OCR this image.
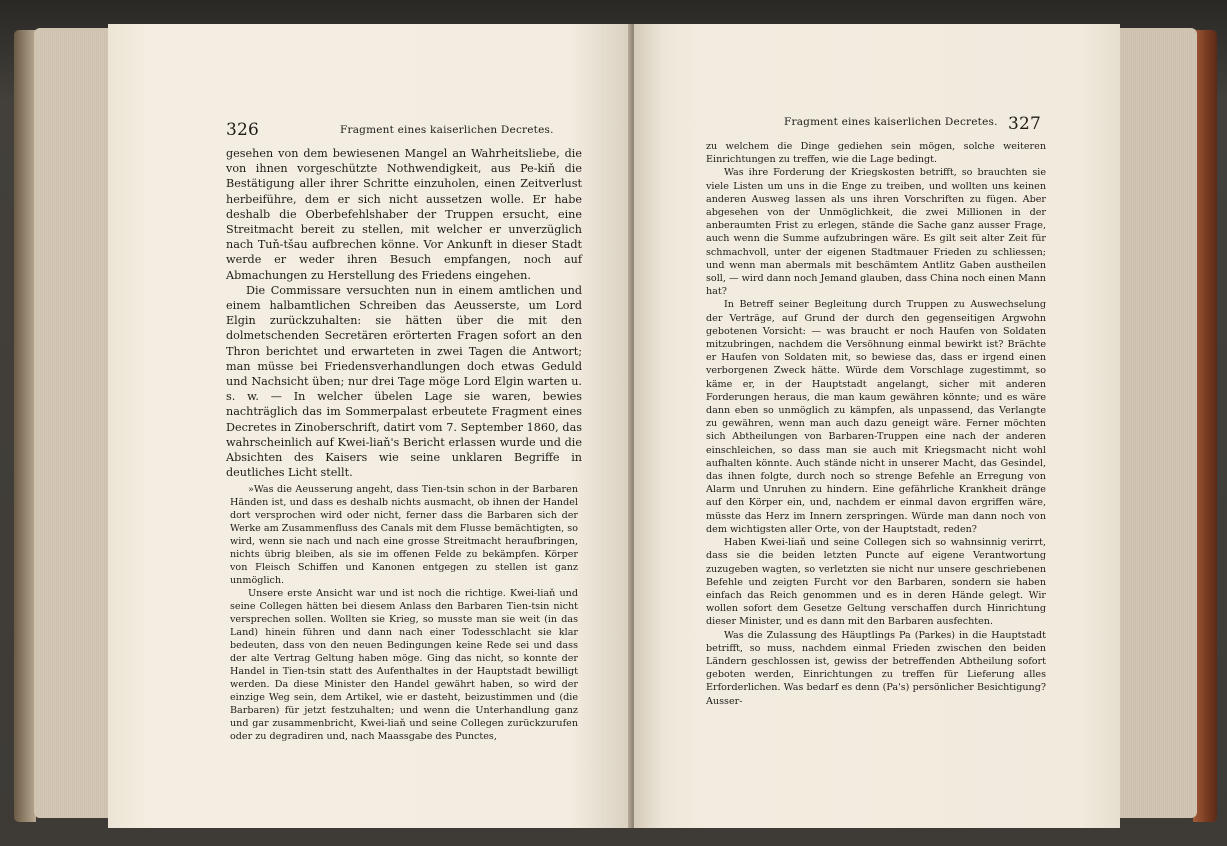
326	Fragment eines kaiserlichen Decretes.

gesehen von dem bewiesenen Mangel an Wahrheitsliebe, die von ihnen vorgeschützte Nothwendigkeit, aus Pe-kiň die Bestätigung aller ihrer Schritte einzuholen, einen Zeitverlust herbeiführe, dem er sich nicht aussetzen wolle. Er habe deshalb die Oberbefehlshaber der Truppen ersucht, eine Streitmacht bereit zu stellen, mit welcher er unverzüglich nach Tuň-tšau aufbrechen könne. Vor Ankunft in dieser Stadt werde er weder ihren Besuch empfangen, noch auf Abmachungen zu Herstellung des Friedens eingehen.

Die Commissare versuchten nun in einem amtlichen und einem halbamtlichen Schreiben das Aeusserste, um Lord Elgin zurückzuhalten: sie hätten über die mit den dolmetschenden Secretären erörterten Fragen sofort an den Thron berichtet und erwarteten in zwei Tagen die Antwort; man müsse bei Friedensverhandlungen doch etwas Geduld und Nachsicht üben; nur drei Tage möge Lord Elgin warten u. s. w. — In welcher übelen Lage sie waren, bewies nachträglich das im Sommerpalast erbeutete Fragment eines Decretes in Zinoberschrift, datirt vom 7. September 1860, das wahrscheinlich auf Kwei-liaň's Bericht erlassen wurde und die Absichten des Kaisers wie seine unklaren Begriffe in deutliches Licht stellt.

»Was die Aeusserung angeht, dass Tien-tsin schon in der Barbaren Händen ist, und dass es deshalb nichts ausmacht, ob ihnen der Handel dort versprochen wird oder nicht, ferner dass die Barbaren sich der Werke am Zusammenfluss des Canals mit dem Flusse bemächtigten, so wird, wenn sie nach und nach eine grosse Streitmacht heraufbringen, nichts übrig bleiben, als sie im offenen Felde zu bekämpfen. Körper von Fleisch Schiffen und Kanonen entgegen zu stellen ist ganz unmöglich.

Unsere erste Ansicht war und ist noch die richtige. Kwei-liaň und seine Collegen hätten bei diesem Anlass den Barbaren Tien-tsin nicht versprechen sollen. Wollten sie Krieg, so musste man sie weit (in das Land) hinein führen und dann nach einer Todesschlacht sie klar bedeuten, dass von den neuen Bedingungen keine Rede sei und dass der alte Vertrag Geltung haben möge. Ging das nicht, so konnte der Handel in Tien-tsin statt des Aufenthaltes in der Hauptstadt bewilligt werden. Da diese Minister den Handel gewährt haben, so wird der einzige Weg sein, dem Artikel, wie er dasteht, beizustimmen und (die Barbaren) für jetzt festzuhalten; und wenn die Unterhandlung ganz und gar zusammenbricht, Kwei-liaň und seine Collegen zurückzurufen oder zu degradiren und, nach Maassgabe des Punctes,

Fragment eines kaiserlichen Decretes. 327

zu welchem die Dinge gediehen sein mögen, solche weiteren Einrichtungen zu treffen, wie die Lage bedingt.

Was ihre Forderung der Kriegskosten betrifft, so brauchten sie viele Listen um uns in die Enge zu treiben, und wollten uns keinen anderen Ausweg lassen als uns ihren Vorschriften zu fügen. Aber abgesehen von der Unmöglichkeit, die zwei Millionen in der anberaumten Frist zu erlegen, stände die Sache ganz ausser Frage, auch wenn die Summe aufzubringen wäre. Es gilt seit alter Zeit für schmachvoll, unter der eigenen Stadtmauer Frieden zu schliessen; und wenn man abermals mit beschämtem Antlitz Gaben austheilen soll, — wird dann noch Jemand glauben, dass China noch einen Mann hat?

In Betreff seiner Begleitung durch Truppen zu Auswechselung der Verträge, auf Grund der durch den gegenseitigen Argwohn gebotenen Vorsicht: — was braucht er noch Haufen von Soldaten mitzubringen, nachdem die Versöhnung einmal bewirkt ist? Brächte er Haufen von Soldaten mit, so bewiese das, dass er irgend einen verborgenen Zweck hätte. Würde dem Vorschlage zugestimmt, so käme er, in der Hauptstadt angelangt, sicher mit anderen Forderungen heraus, die man kaum gewähren könnte; und es wäre dann eben so unmöglich zu kämpfen, als unpassend, das Verlangte zu gewähren, wenn man auch dazu geneigt wäre. Ferner möchten sich Abtheilungen von Barbaren-Truppen eine nach der anderen einschleichen, so dass man sie auch mit Kriegsmacht nicht wohl aufhalten könnte. Auch stände nicht in unserer Macht, das Gesindel, das ihnen folgte, durch noch so strenge Befehle an Erregung von Alarm und Unruhen zu hindern. Eine gefährliche Krankheit dränge auf den Körper ein, und, nachdem er einmal davon ergriffen wäre, müsste das Herz im Innern zerspringen. Würde man dann noch von dem wichtigsten aller Orte, von der Hauptstadt, reden?

Haben Kwei-liaň und seine Collegen sich so wahnsinnig verirrt, dass sie die beiden letzten Puncte auf eigene Verantwortung zuzugeben wagten, so verletzten sie nicht nur unsere geschriebenen Befehle und zeigten Furcht vor den Barbaren, sondern sie haben einfach das Reich genommen und es in deren Hände gelegt. Wir wollen sofort dem Gesetze Geltung verschaffen durch Hinrichtung dieser Minister, und es dann mit den Barbaren ausfechten.

Was die Zulassung des Häuptlings Pa (Parkes) in die Hauptstadt betrifft, so muss, nachdem einmal Frieden zwischen den beiden Ländern geschlossen ist, gewiss der betreffenden Abtheilung sofort geboten werden, Einrichtungen zu treffen für Lieferung alles Erforderlichen. Was bedarf es denn (Pa's) persönlicher Besichtigung? Ausser-
